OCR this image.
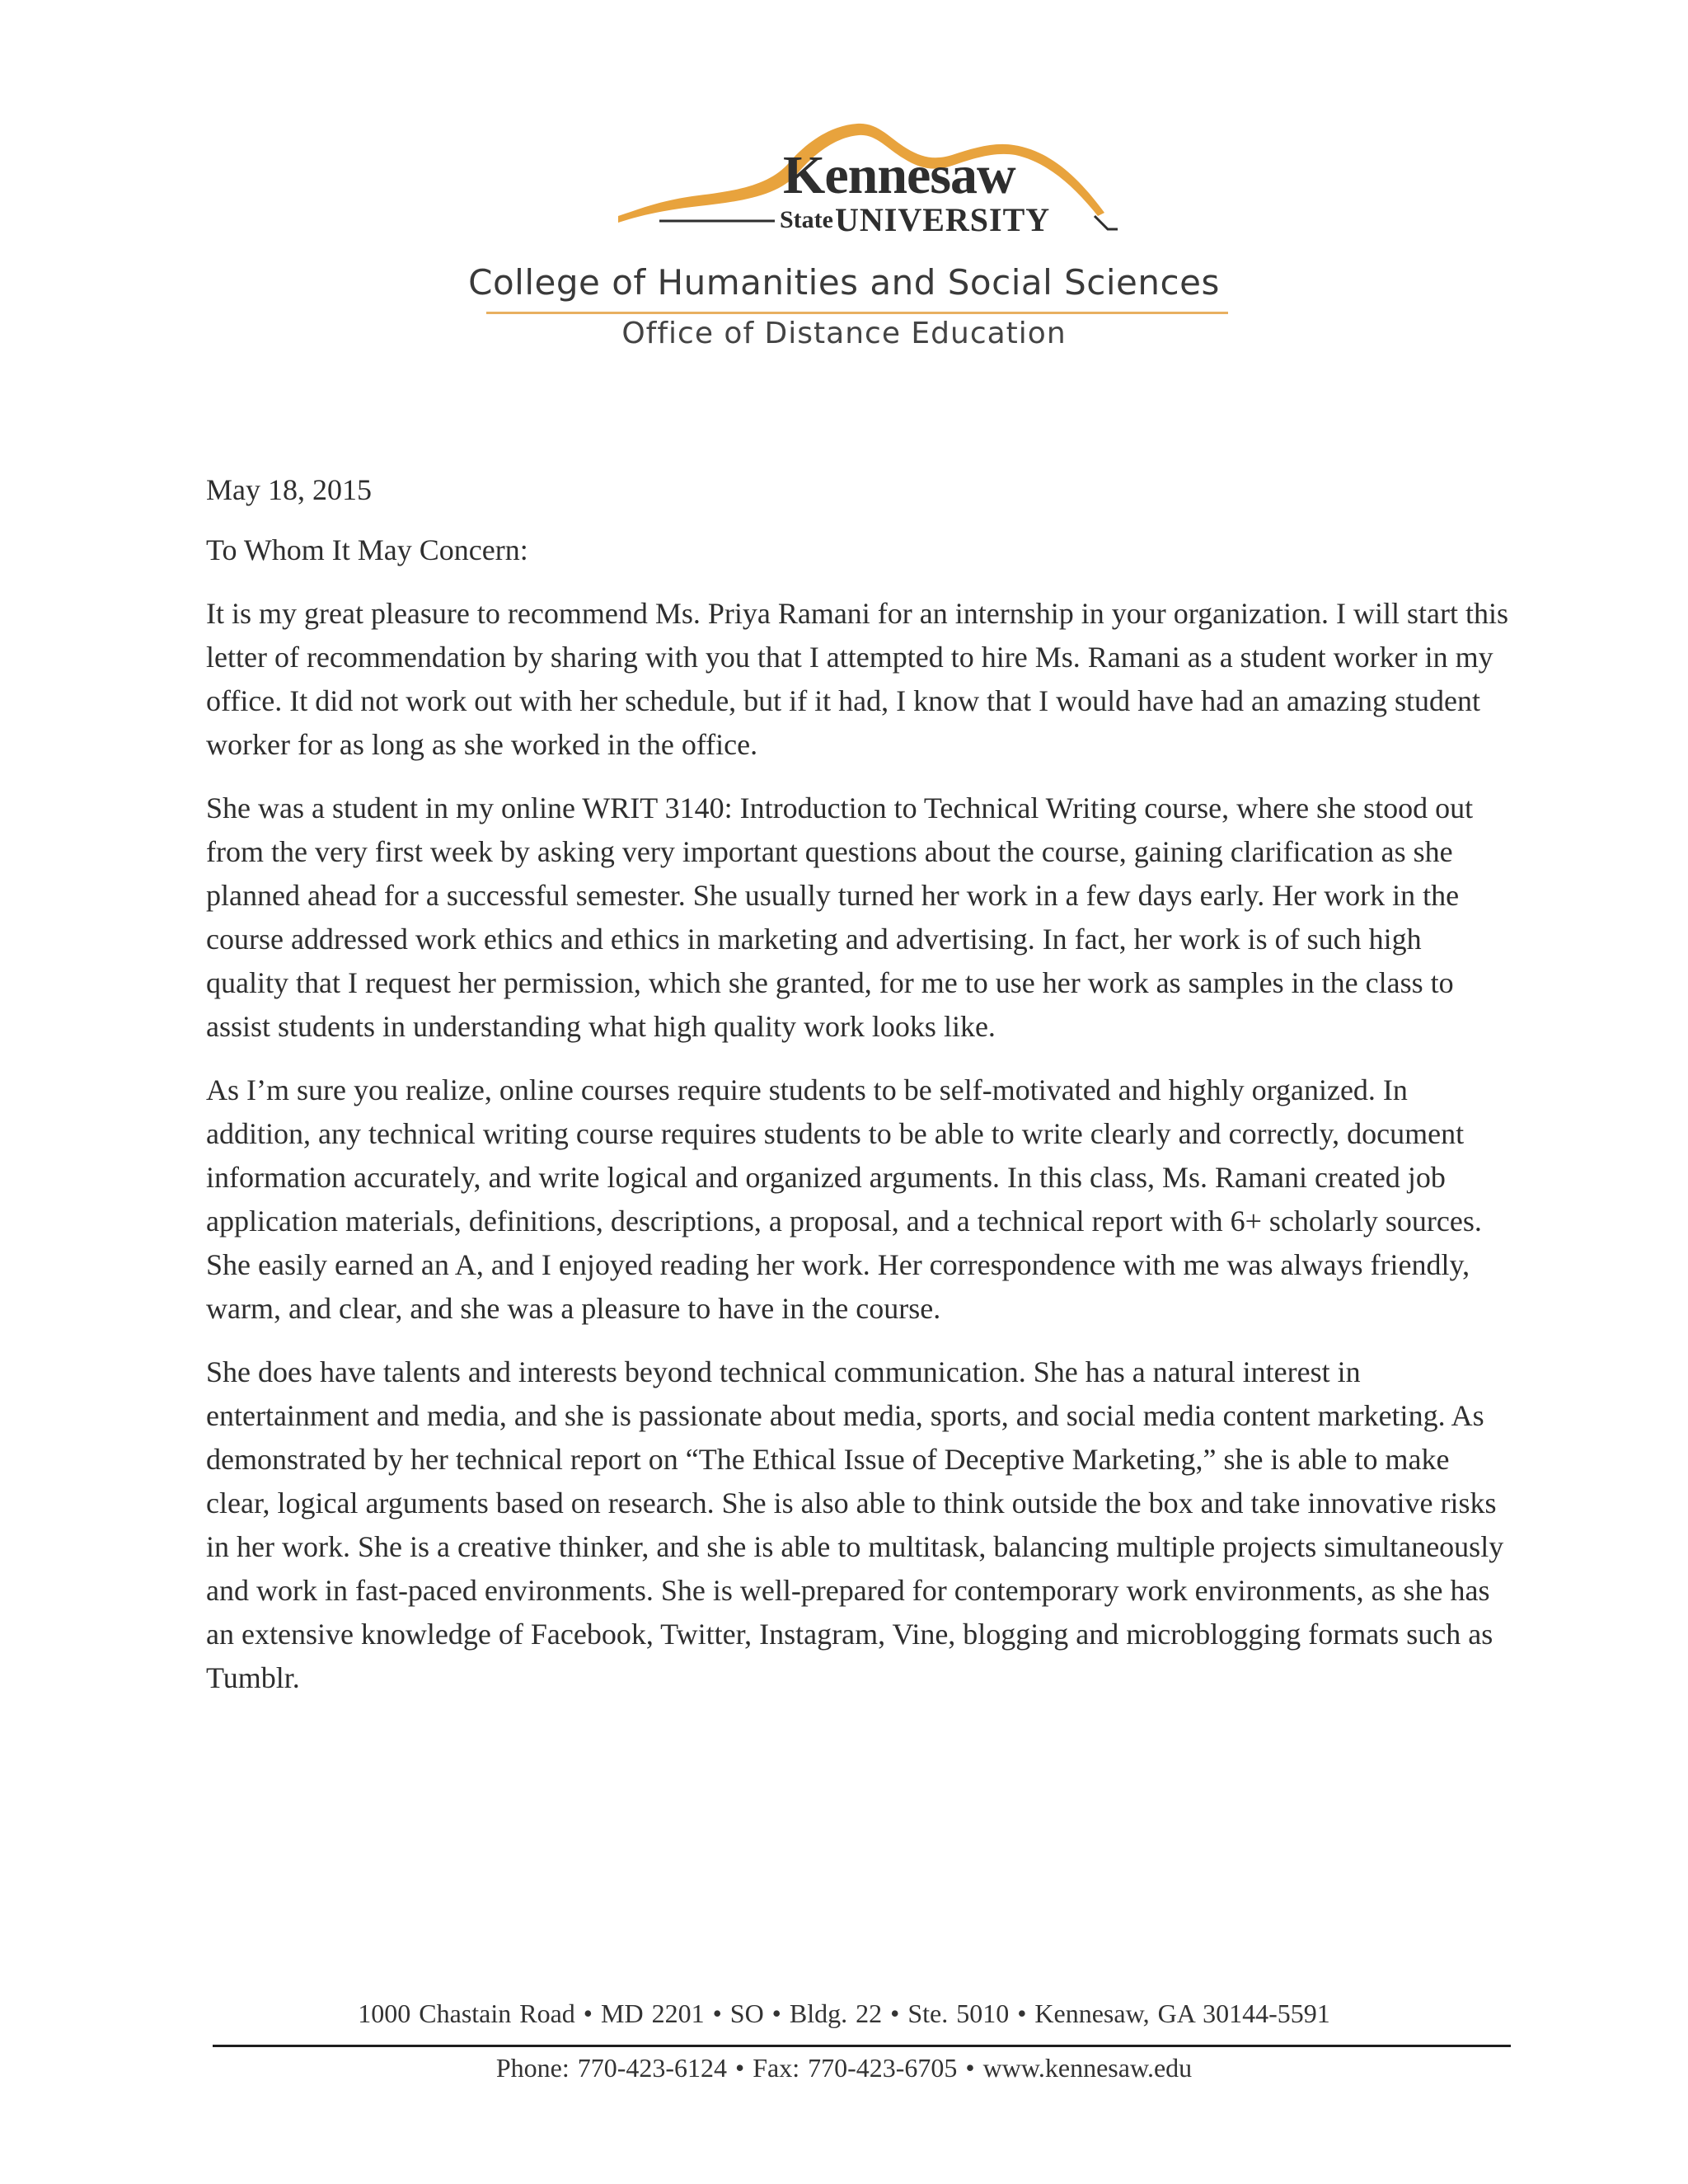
Kennesaw
State UNIVERSITY
College of Humanities and Social Sciences
Office of Distance Education

May 18, 2015

To Whom It May Concern:

It is my great pleasure to recommend Ms. Priya Ramani for an internship in your organization. I will start this letter of recommendation by sharing with you that I attempted to hire Ms. Ramani as a student worker in my office. It did not work out with her schedule, but if it had, I know that I would have had an amazing student worker for as long as she worked in the office.

She was a student in my online WRIT 3140: Introduction to Technical Writing course, where she stood out from the very first week by asking very important questions about the course, gaining clarification as she planned ahead for a successful semester. She usually turned her work in a few days early. Her work in the course addressed work ethics and ethics in marketing and advertising. In fact, her work is of such high quality that I request her permission, which she granted, for me to use her work as samples in the class to assist students in understanding what high quality work looks like.

As I’m sure you realize, online courses require students to be self-motivated and highly organized. In addition, any technical writing course requires students to be able to write clearly and correctly, document information accurately, and write logical and organized arguments. In this class, Ms. Ramani created job application materials, definitions, descriptions, a proposal, and a technical report with 6+ scholarly sources. She easily earned an A, and I enjoyed reading her work. Her correspondence with me was always friendly, warm, and clear, and she was a pleasure to have in the course.

She does have talents and interests beyond technical communication. She has a natural interest in entertainment and media, and she is passionate about media, sports, and social media content marketing. As demonstrated by her technical report on “The Ethical Issue of Deceptive Marketing,” she is able to make clear, logical arguments based on research. She is also able to think outside the box and take innovative risks in her work. She is a creative thinker, and she is able to multitask, balancing multiple projects simultaneously and work in fast-paced environments. She is well-prepared for contemporary work environments, as she has an extensive knowledge of Facebook, Twitter, Instagram, Vine, blogging and microblogging formats such as Tumblr.

1000 Chastain Road • MD 2201 • SO • Bldg. 22 • Ste. 5010 • Kennesaw, GA 30144-5591
Phone: 770-423-6124 • Fax: 770-423-6705 • www.kennesaw.edu
